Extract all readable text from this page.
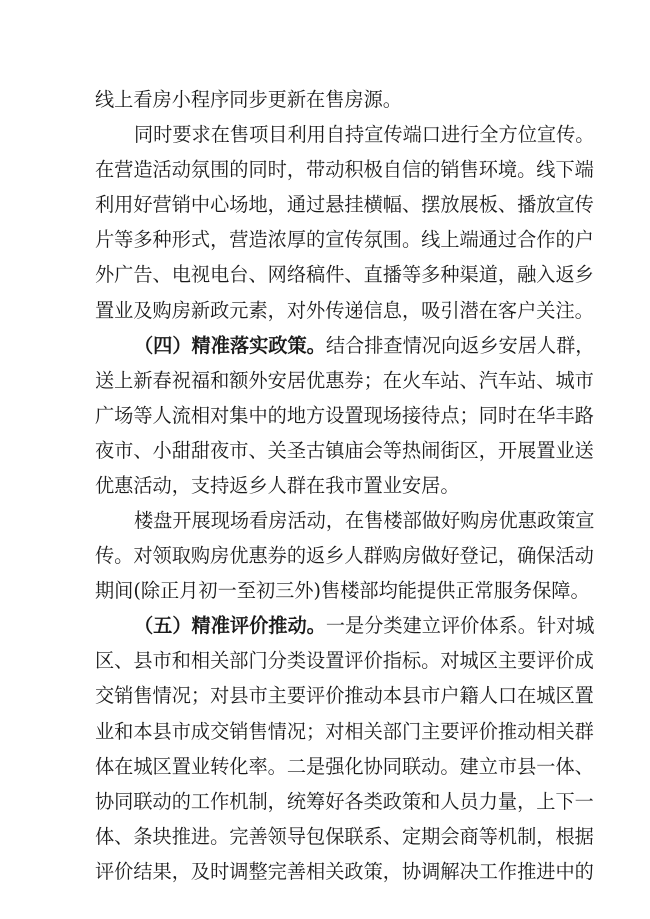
线上看房小程序同步更新在售房源。
同时要求在售项目利用自持宣传端口进行全方位宣传。
在营造活动氛围的同时，带动积极自信的销售环境。线下端
利用好营销中心场地，通过悬挂横幅、摆放展板、播放宣传
片等多种形式，营造浓厚的宣传氛围。线上端通过合作的户
外广告、电视电台、网络稿件、直播等多种渠道，融入返乡
置业及购房新政元素，对外传递信息，吸引潜在客户关注。
（四）精准落实政策。结合排查情况向返乡安居人群，
送上新春祝福和额外安居优惠券；在火车站、汽车站、城市
广场等人流相对集中的地方设置现场接待点；同时在华丰路
夜市、小甜甜夜市、关圣古镇庙会等热闹街区，开展置业送
优惠活动，支持返乡人群在我市置业安居。
楼盘开展现场看房活动，在售楼部做好购房优惠政策宣
传。对领取购房优惠券的返乡人群购房做好登记，确保活动
期间(除正月初一至初三外)售楼部均能提供正常服务保障。
（五）精准评价推动。一是分类建立评价体系。针对城
区、县市和相关部门分类设置评价指标。对城区主要评价成
交销售情况；对县市主要评价推动本县市户籍人口在城区置
业和本县市成交销售情况；对相关部门主要评价推动相关群
体在城区置业转化率。二是强化协同联动。建立市县一体、
协同联动的工作机制，统筹好各类政策和人员力量，上下一
体、条块推进。完善领导包保联系、定期会商等机制，根据
评价结果，及时调整完善相关政策，协调解决工作推进中的
